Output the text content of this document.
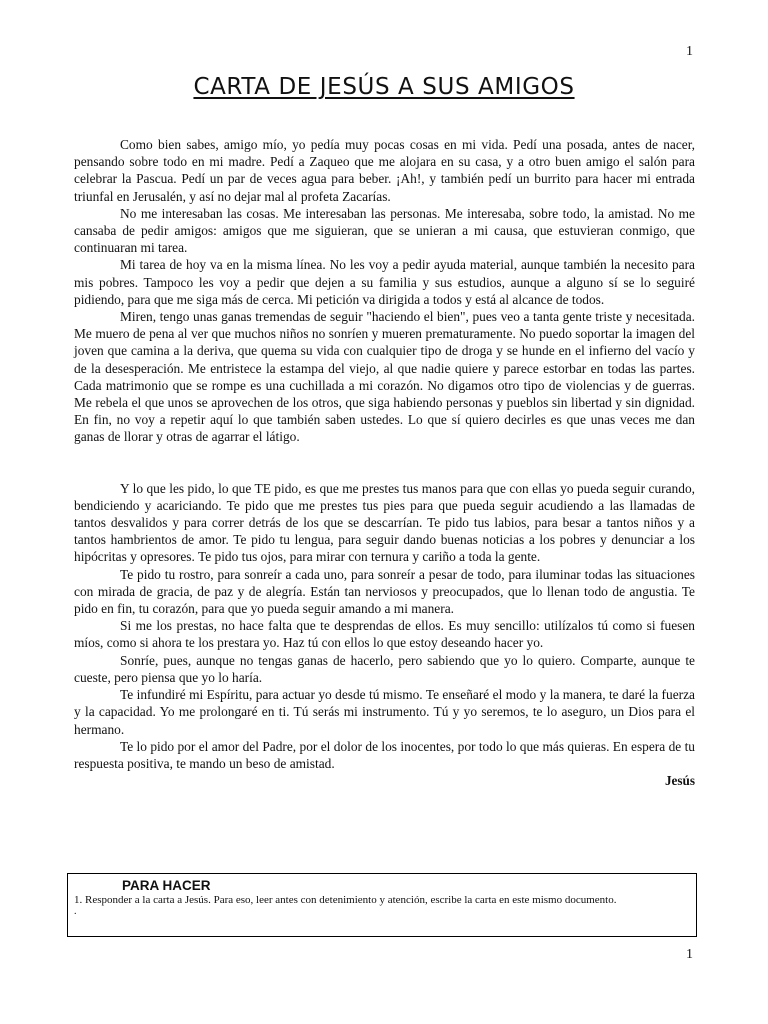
1
CARTA DE JESÚS A SUS AMIGOS

Como bien sabes, amigo mío, yo pedía muy pocas cosas en mi vida. Pedí una posada, antes de nacer, pensando sobre todo en mi madre. Pedí a Zaqueo que me alojara en su casa, y a otro buen amigo el salón para celebrar la Pascua. Pedí un par de veces agua para beber. ¡Ah!, y también pedí un burrito para hacer mi entrada triunfal en Jerusalén, y así no dejar mal al profeta Zacarías.

No me interesaban las cosas. Me interesaban las personas. Me interesaba, sobre todo, la amistad. No me cansaba de pedir amigos: amigos que me siguieran, que se unieran a mi causa, que estuvieran conmigo, que continuaran mi tarea.

Mi tarea de hoy va en la misma línea. No les voy a pedir ayuda material, aunque también la necesito para mis pobres. Tampoco les voy a pedir que dejen a su familia y sus estudios, aunque a alguno sí se lo seguiré pidiendo, para que me siga más de cerca. Mi petición va dirigida a todos y está al alcance de todos.

Miren, tengo unas ganas tremendas de seguir "haciendo el bien", pues veo a tanta gente triste y necesitada. Me muero de pena al ver que muchos niños no sonríen y mueren prematuramente. No puedo soportar la imagen del joven que camina a la deriva, que quema su vida con cualquier tipo de droga y se hunde en el infierno del vacío y de la desesperación. Me entristece la estampa del viejo, al que nadie quiere y parece estorbar en todas las partes. Cada matrimonio que se rompe es una cuchillada a mi corazón. No digamos otro tipo de violencias y de guerras. Me rebela el que unos se aprovechen de los otros, que siga habiendo personas y pueblos sin libertad y sin dignidad. En fin, no voy a repetir aquí lo que también saben ustedes. Lo que sí quiero decirles es que unas veces me dan ganas de llorar y otras de agarrar el látigo.

Y lo que les pido, lo que TE pido, es que me prestes tus manos para que con ellas yo pueda seguir curando, bendiciendo y acariciando. Te pido que me prestes tus pies para que pueda seguir acudiendo a las llamadas de tantos desvalidos y para correr detrás de los que se descarrían. Te pido tus labios, para besar a tantos niños y a tantos hambrientos de amor. Te pido tu lengua, para seguir dando buenas noticias a los pobres y denunciar a los hipócritas y opresores. Te pido tus ojos, para mirar con ternura y cariño a toda la gente.

Te pido tu rostro, para sonreír a cada uno, para sonreír a pesar de todo, para iluminar todas las situaciones con mirada de gracia, de paz y de alegría. Están tan nerviosos y preocupados, que lo llenan todo de angustia. Te pido en fin, tu corazón, para que yo pueda seguir amando a mi manera.

Si me los prestas, no hace falta que te desprendas de ellos. Es muy sencillo: utilízalos tú como si fuesen míos, como si ahora te los prestara yo. Haz tú con ellos lo que estoy deseando hacer yo.

Sonríe, pues, aunque no tengas ganas de hacerlo, pero sabiendo que yo lo quiero. Comparte, aunque te cueste, pero piensa que yo lo haría.

Te infundiré mi Espíritu, para actuar yo desde tú mismo. Te enseñaré el modo y la manera, te daré la fuerza y la capacidad. Yo me prolongaré en ti. Tú serás mi instrumento. Tú y yo seremos, te lo aseguro, un Dios para el hermano.

Te lo pido por el amor del Padre, por el dolor de los inocentes, por todo lo que más quieras. En espera de tu respuesta positiva, te mando un beso de amistad.

Jesús

PARA HACER

1. Responder a la carta a Jesús. Para eso, leer antes con detenimiento y atención, escribe la carta en este mismo documento.

.

1
